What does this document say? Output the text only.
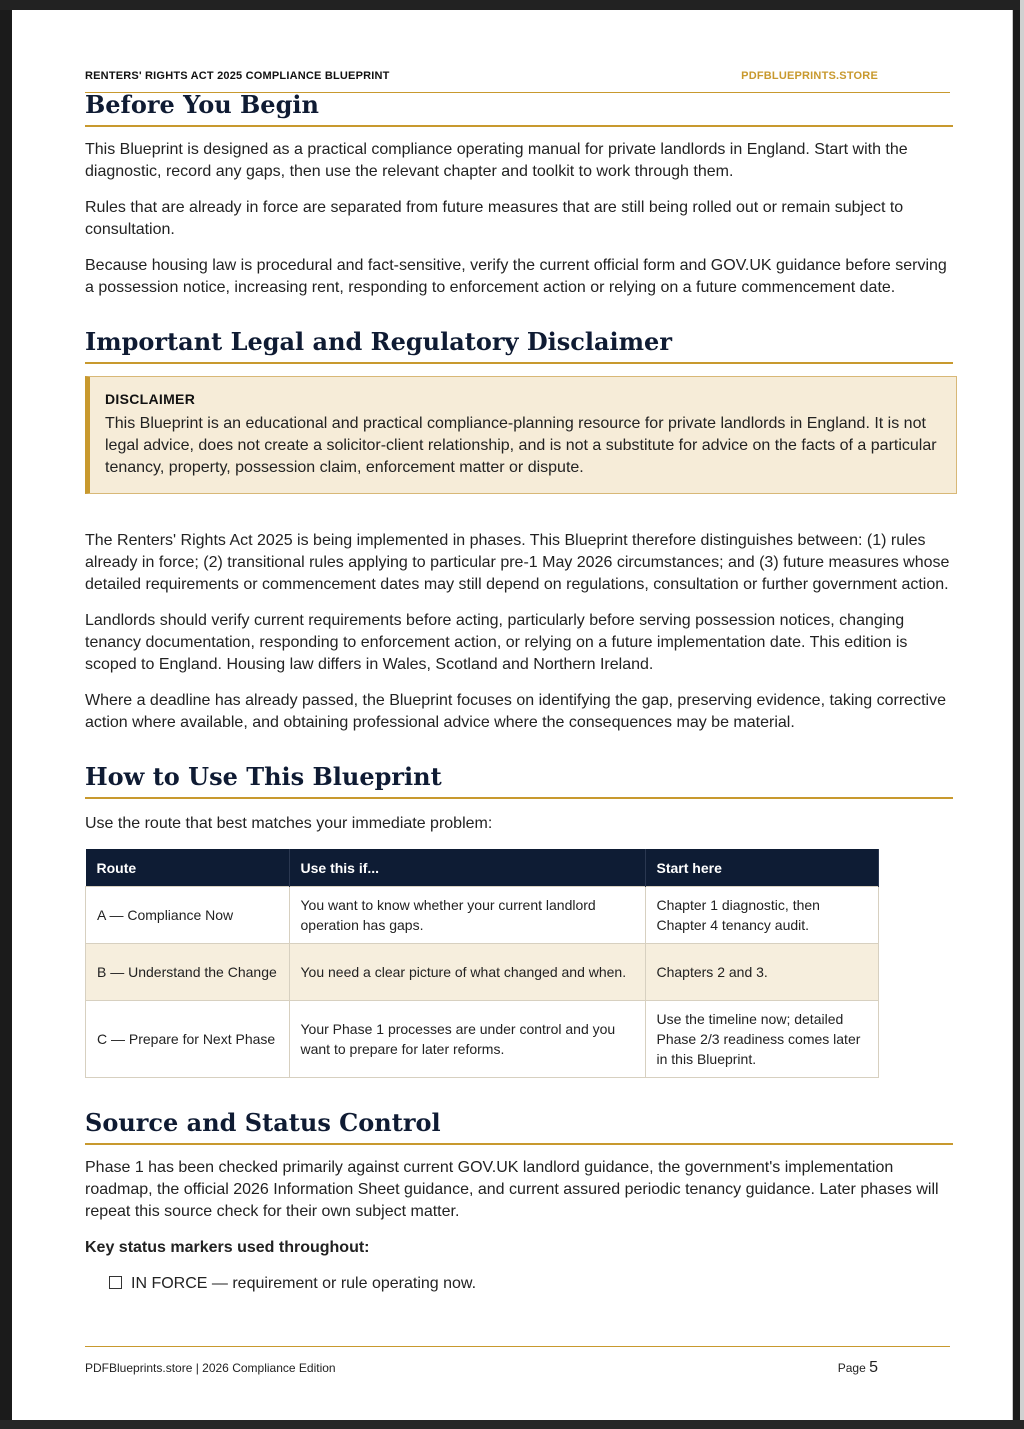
RENTERS' RIGHTS ACT 2025 COMPLIANCE BLUEPRINT	PDFBLUEPRINTS.STORE
Before You Begin

This Blueprint is designed as a practical compliance operating manual for private landlords in England. Start with the diagnostic, record any gaps, then use the relevant chapter and toolkit to work through them.

Rules that are already in force are separated from future measures that are still being rolled out or remain subject to consultation.

Because housing law is procedural and fact-sensitive, verify the current official form and GOV.UK guidance before serving a possession notice, increasing rent, responding to enforcement action or relying on a future commencement date.

Important Legal and Regulatory Disclaimer
DISCLAIMER

This Blueprint is an educational and practical compliance-planning resource for private landlords in England. It is not legal advice, does not create a solicitor-client relationship, and is not a substitute for advice on the facts of a particular tenancy, property, possession claim, enforcement matter or dispute.

The Renters' Rights Act 2025 is being implemented in phases. This Blueprint therefore distinguishes between: (1) rules already in force; (2) transitional rules applying to particular pre-1 May 2026 circumstances; and (3) future measures whose detailed requirements or commencement dates may still depend on regulations, consultation or further government action.

Landlords should verify current requirements before acting, particularly before serving possession notices, changing tenancy documentation, responding to enforcement action, or relying on a future implementation date. This edition is scoped to England. Housing law differs in Wales, Scotland and Northern Ireland.

Where a deadline has already passed, the Blueprint focuses on identifying the gap, preserving evidence, taking corrective action where available, and obtaining professional advice where the consequences may be material.

How to Use This Blueprint

Use the route that best matches your immediate problem:

Route	Use this if...	Start here
A — Compliance Now	You want to know whether your current landlord operation has gaps.	Chapter 1 diagnostic, then Chapter 4 tenancy audit.
B — Understand the Change	You need a clear picture of what changed and when.	Chapters 2 and 3.
C — Prepare for Next Phase	Your Phase 1 processes are under control and you want to prepare for later reforms.	Use the timeline now; detailed Phase 2/3 readiness comes later in this Blueprint.
Source and Status Control

Phase 1 has been checked primarily against current GOV.UK landlord guidance, the government's implementation roadmap, the official 2026 Information Sheet guidance, and current assured periodic tenancy guidance. Later phases will repeat this source check for their own subject matter.

Key status markers used throughout:

IN FORCE — requirement or rule operating now.

PDFBlueprints.store | 2026 Compliance Edition	Page 5
